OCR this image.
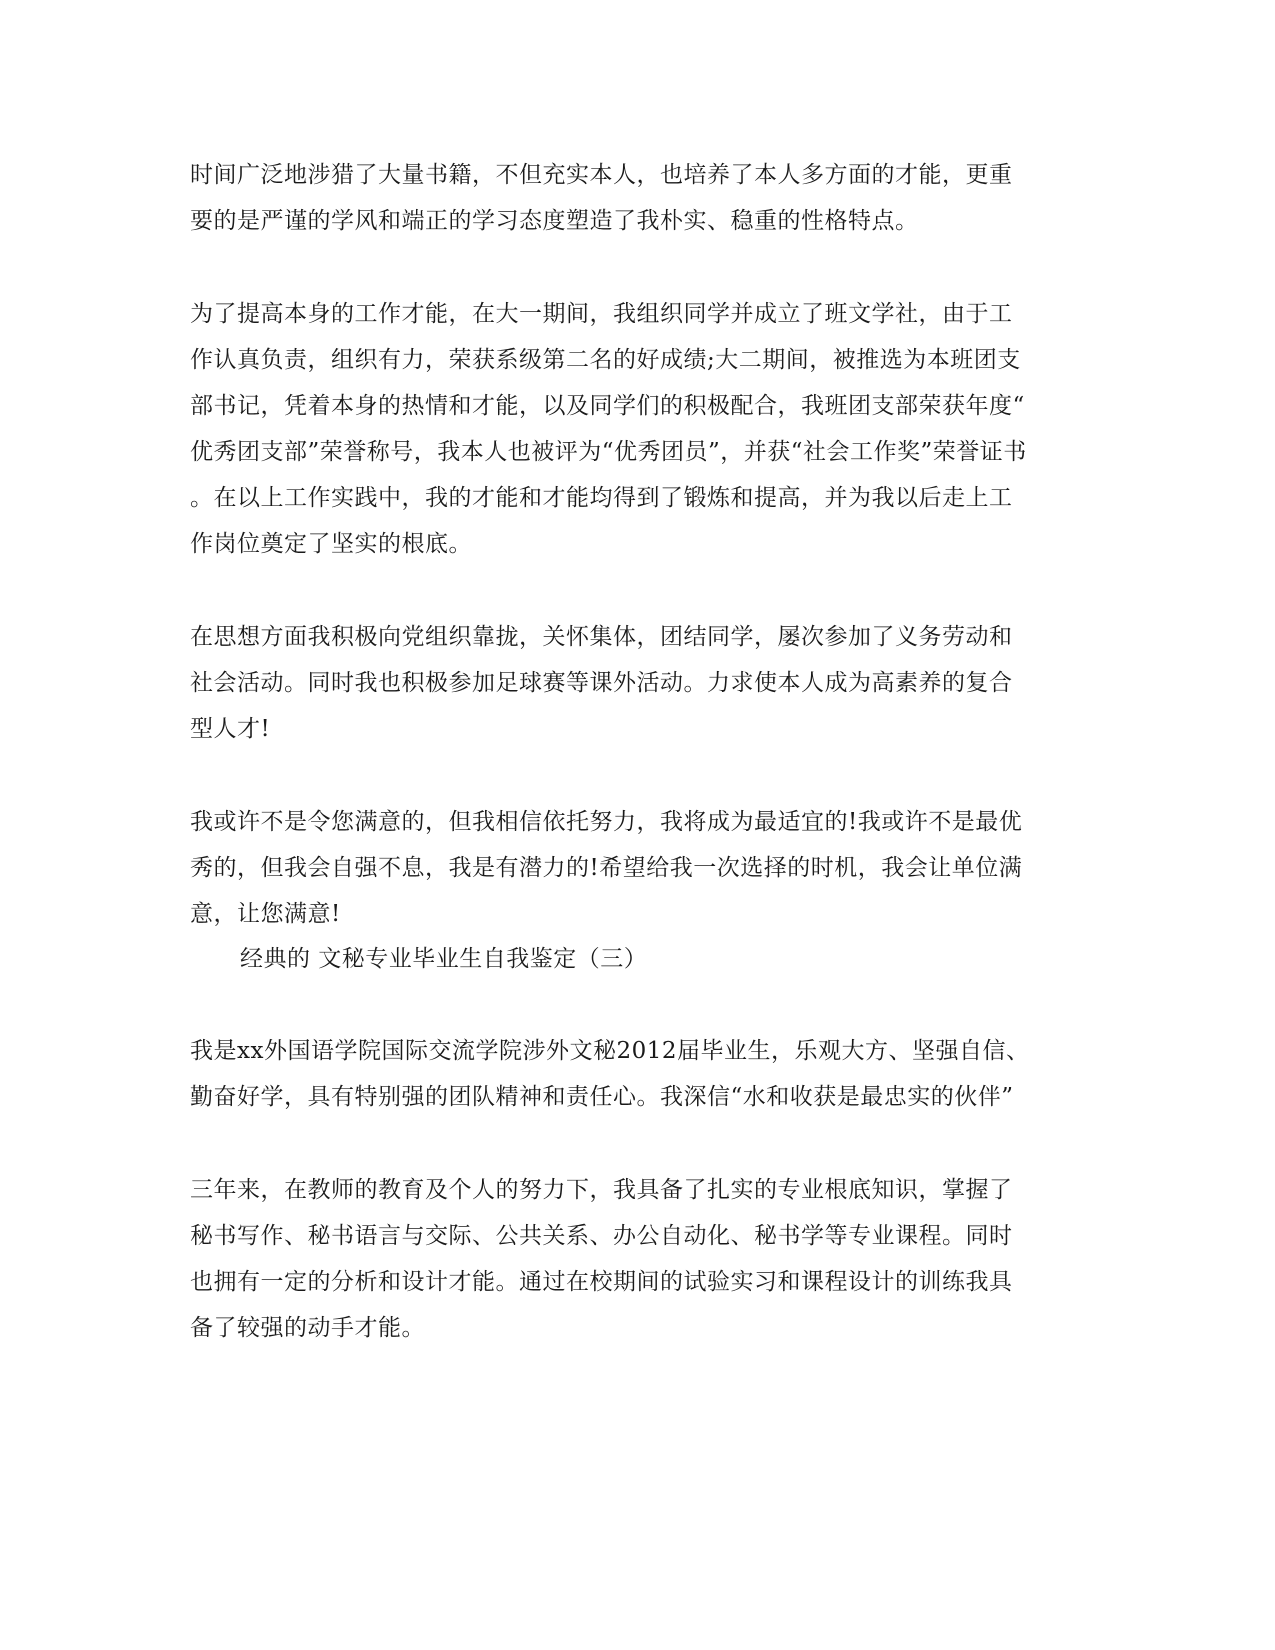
时间广泛地涉猎了大量书籍，不但充实本人，也培养了本人多方面的才能，更重
要的是严谨的学风和端正的学习态度塑造了我朴实、稳重的性格特点。
为了提高本身的工作才能，在大一期间，我组织同学并成立了班文学社，由于工
作认真负责，组织有力，荣获系级第二名的好成绩;大二期间，被推选为本班团支
部书记，凭着本身的热情和才能，以及同学们的积极配合，我班团支部荣获年度“
优秀团支部”荣誉称号，我本人也被评为“优秀团员”，并获“社会工作奖”荣誉证书
。在以上工作实践中，我的才能和才能均得到了锻炼和提高，并为我以后走上工
作岗位奠定了坚实的根底。
在思想方面我积极向党组织靠拢，关怀集体，团结同学，屡次参加了义务劳动和
社会活动。同时我也积极参加足球赛等课外活动。力求使本人成为高素养的复合
型人才!
我或许不是令您满意的，但我相信依托努力，我将成为最适宜的!我或许不是最优
秀的，但我会自强不息，我是有潜力的!希望给我一次选择的时机，我会让单位满
意，让您满意!
经典的 文秘专业毕业生自我鉴定（三）
我是xx外国语学院国际交流学院涉外文秘2012届毕业生，乐观大方、坚强自信、
勤奋好学，具有特别强的团队精神和责任心。我深信“水和收获是最忠实的伙伴”
三年来，在教师的教育及个人的努力下，我具备了扎实的专业根底知识，掌握了
秘书写作、秘书语言与交际、公共关系、办公自动化、秘书学等专业课程。同时
也拥有一定的分析和设计才能。通过在校期间的试验实习和课程设计的训练我具
备了较强的动手才能。
